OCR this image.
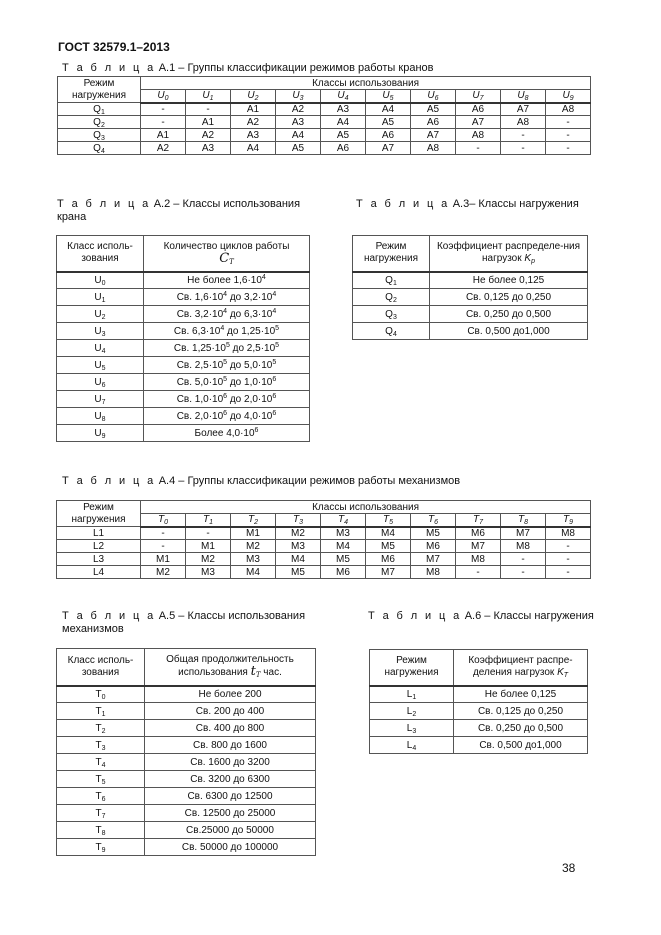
ГОСТ 32579.1–2013
Т а б л и ц а А.1 – Группы классификации режимов работы кранов
Режим нагружения	Классы использования									
	$U_0$	$U_1$	$U_2$	$U_3$	$U_4$	$U_5$	$U_6$	$U_7$	$U_8$	$U_9$
$Q_1$	-	-	A1	A2	A3	A4	A5	A6	A7	A8
$Q_2$	-	A1	A2	A3	A4	A5	A6	A7	A8	-
$Q_3$	A1	A2	A3	A4	A5	A6	A7	A8	-	-
$Q_4$	A2	A3	A4	A5	A6	A7	A8	-	-	-
Т а б л и ц а А.2 – Классы использования
крана
Класс исполь-зования	Количество циклов работы
$C_T$
$U_0$	Не более $1,6\cdot 10^4$
$U_1$	Св. $1,6\cdot 10^4$ до $3,2\cdot 10^4$
$U_2$	Св. $3,2\cdot 10^4$ до $6,3\cdot 10^4$
$U_3$	Св. $6,3\cdot 10^4$ до $1,25\cdot 10^5$
$U_4$	Св. $1,25\cdot 10^5$ до $2,5\cdot 10^5$
$U_5$	Св. $2,5\cdot 10^5$ до $5,0\cdot 10^5$
$U_6$	Св. $5,0\cdot 10^5$ до $1,0\cdot 10^6$
$U_7$	Св. $1,0\cdot 10^6$ до $2,0\cdot 10^6$
$U_8$	Св. $2,0\cdot 10^6$ до $4,0\cdot 10^6$
$U_9$	Более $4,0\cdot 10^6$
Т а б л и ц а А.3– Классы нагружения
Режим нагружения	Коэффициент распределе-ния нагрузок $K_p$
$Q_1$	Не более 0,125
$Q_2$	Св. 0,125 до 0,250
$Q_3$	Св. 0,250 до 0,500
$Q_4$	Св. 0,500 до1,000
Т а б л и ц а А.4 – Группы классификации режимов работы механизмов
Режим нагружения	Классы использования									
	$T_0$	$T_1$	$T_2$	$T_3$	$T_4$	$T_5$	$T_6$	$T_7$	$T_8$	$T_9$
L1	-	-	M1	M2	M3	M4	M5	M6	M7	M8
L2	-	M1	M2	M3	M4	M5	M6	M7	M8	-
L3	M1	M2	M3	M4	M5	M6	M7	M8	-	-
L4	M2	M3	M4	M5	M6	M7	M8	-	-	-
Т а б л и ц а А.5 – Классы использования
механизмов
Класс исполь-зования	Общая продолжительность
использования $t_T$ час.
$T_0$	Не более 200
$T_1$	Св. 200 до 400
$T_2$	Св. 400 до 800
$T_3$	Св. 800 до 1600
$T_4$	Св. 1600 до 3200
$T_5$	Св. 3200 до 6300
$T_6$	Св. 6300 до 12500
$T_7$	Св. 12500 до 25000
$T_8$	Св.25000 до 50000
$T_9$	Св. 50000 до 100000
Т а б л и ц а А.6 – Классы нагружения
Режим нагружения	Коэффициент распре-деления нагрузок $K_T$
$L_1$	Не более 0,125
$L_2$	Св. 0,125 до 0,250
$L_3$	Св. 0,250 до 0,500
$L_4$	Св. 0,500 до1,000
38
